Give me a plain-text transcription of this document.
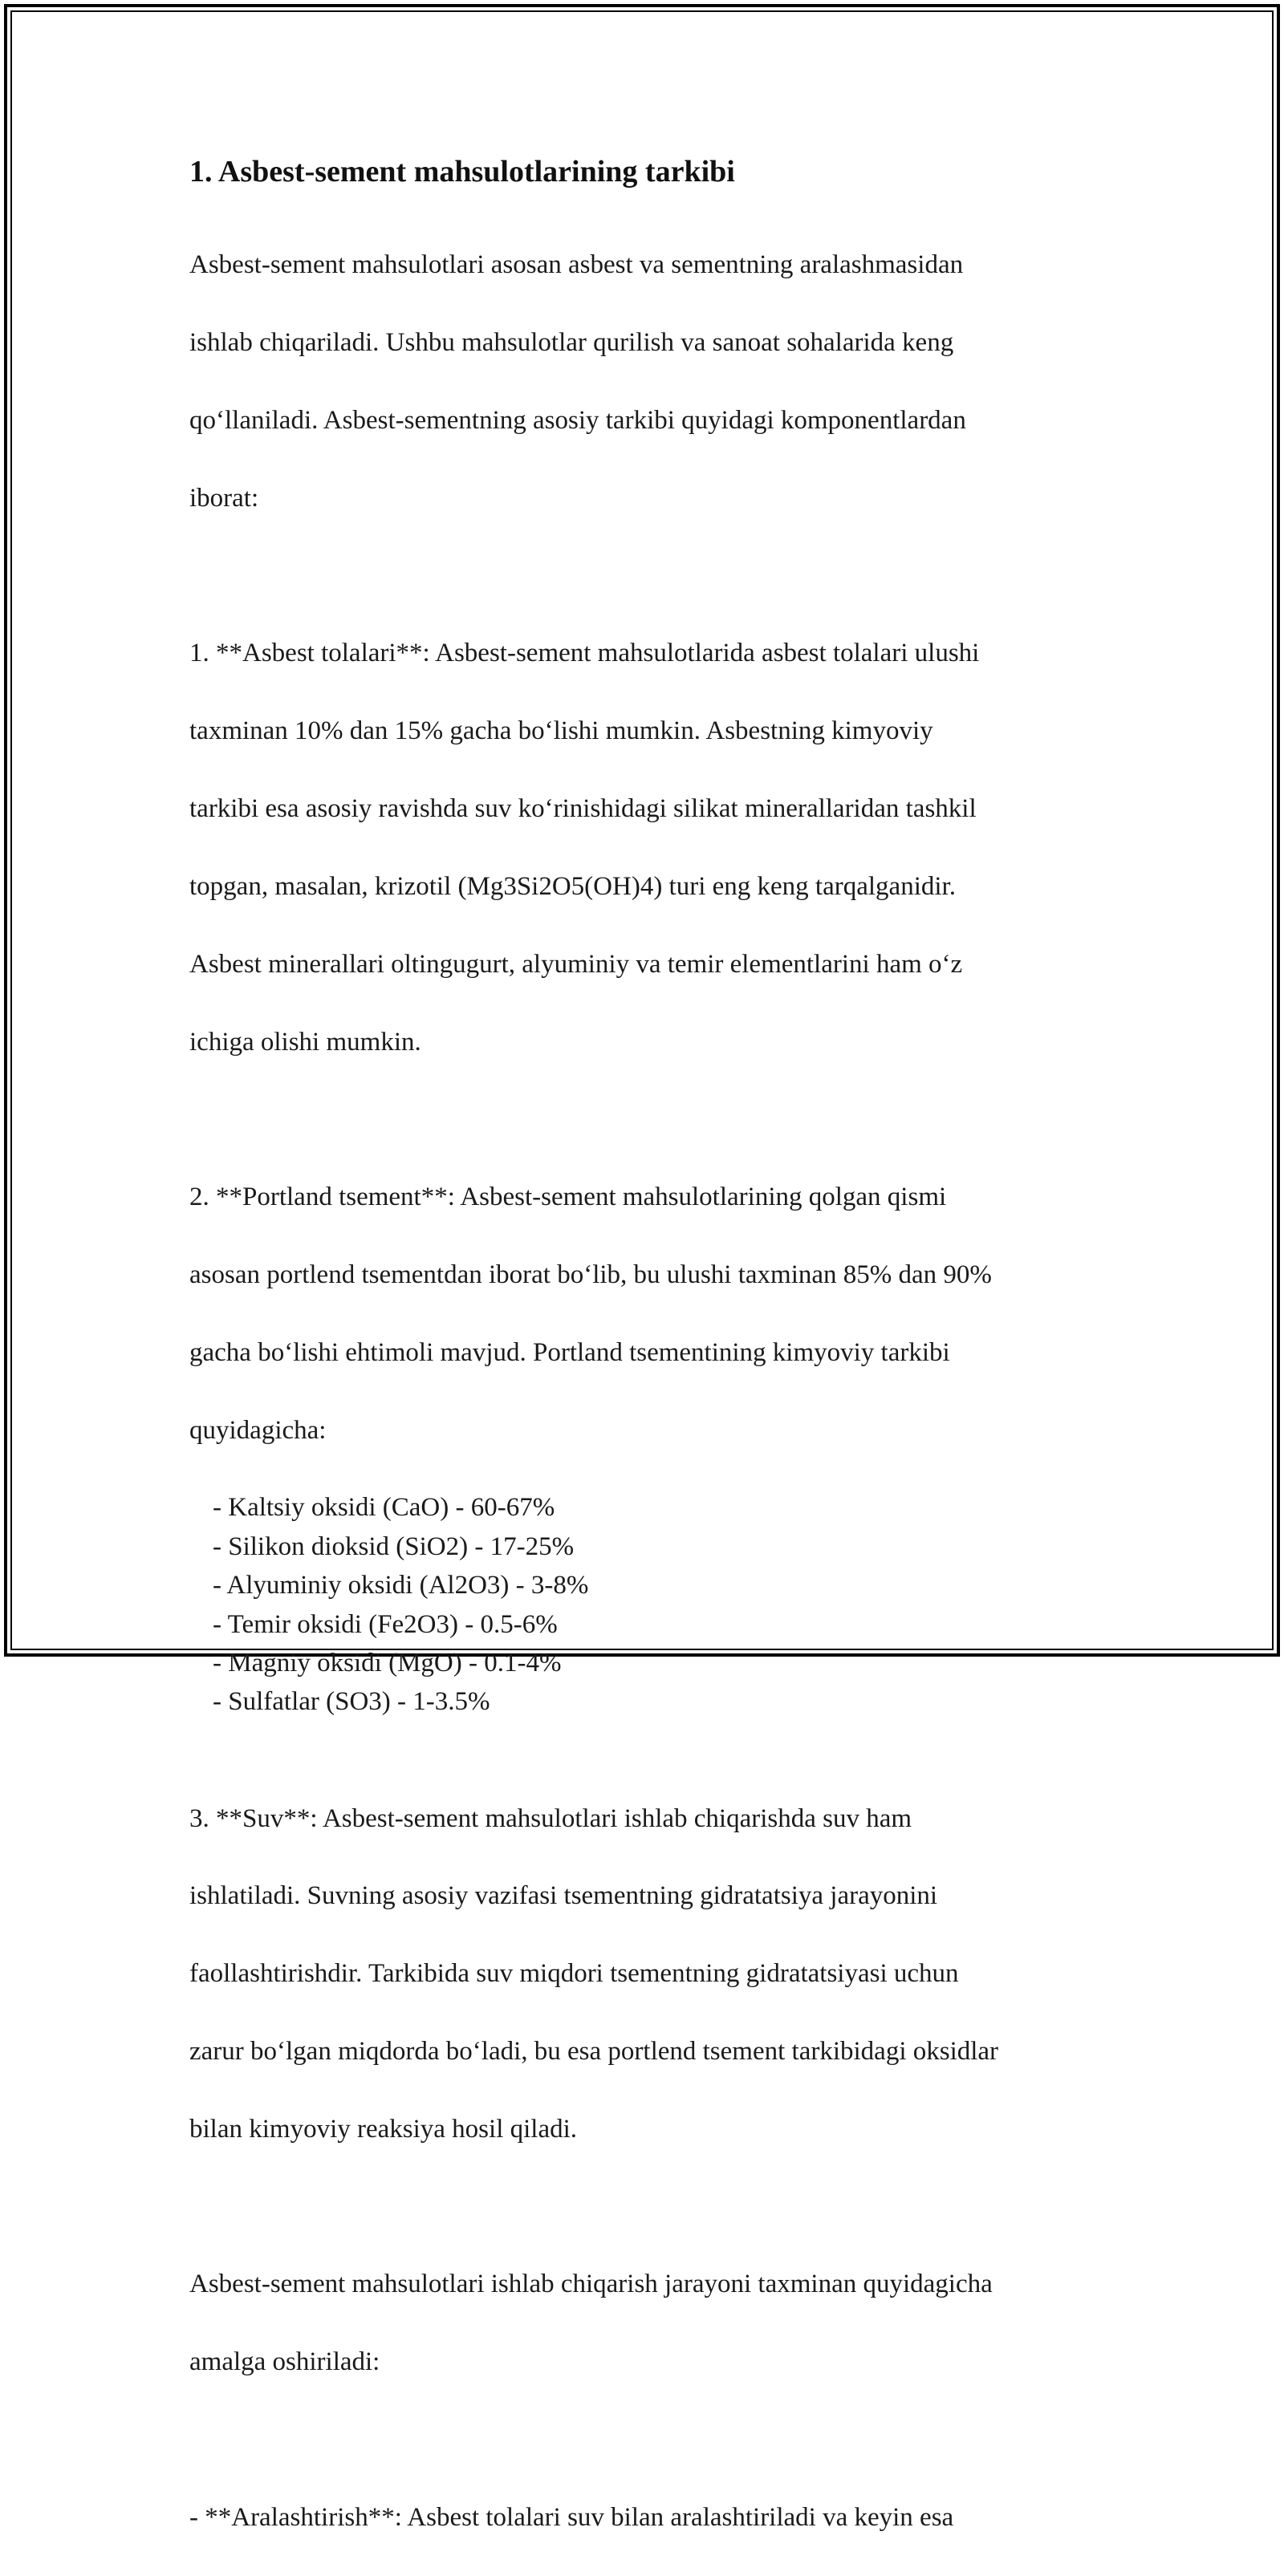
1. Asbest-sement mahsulotlarining tarkibi

Asbest-sement mahsulotlari asosan asbest va sementning aralashmasidan

ishlab chiqariladi. Ushbu mahsulotlar qurilish va sanoat sohalarida keng

qo‘llaniladi. Asbest-sementning asosiy tarkibi quyidagi komponentlardan

iborat:

1. **Asbest tolalari**: Asbest-sement mahsulotlarida asbest tolalari ulushi

taxminan 10% dan 15% gacha bo‘lishi mumkin. Asbestning kimyoviy

tarkibi esa asosiy ravishda suv ko‘rinishidagi silikat minerallaridan tashkil

topgan, masalan, krizotil (Mg3Si2O5(OH)4) turi eng keng tarqalganidir.

Asbest minerallari oltingugurt, alyuminiy va temir elementlarini ham o‘z

ichiga olishi mumkin.

2. **Portland tsement**: Asbest-sement mahsulotlarining qolgan qismi

asosan portlend tsementdan iborat bo‘lib, bu ulushi taxminan 85% dan 90%

gacha bo‘lishi ehtimoli mavjud. Portland tsementining kimyoviy tarkibi

quyidagicha:

- Kaltsiy oksidi (CaO) - 60-67%
- Silikon dioksid (SiO2) - 17-25%
- Alyuminiy oksidi (Al2O3) - 3-8%
- Temir oksidi (Fe2O3) - 0.5-6%
- Magniy oksidi (MgO) - 0.1-4%
- Sulfatlar (SO3) - 1-3.5%

3. **Suv**: Asbest-sement mahsulotlari ishlab chiqarishda suv ham

ishlatiladi. Suvning asosiy vazifasi tsementning gidratatsiya jarayonini

faollashtirishdir. Tarkibida suv miqdori tsementning gidratatsiyasi uchun

zarur bo‘lgan miqdorda bo‘ladi, bu esa portlend tsement tarkibidagi oksidlar

bilan kimyoviy reaksiya hosil qiladi.

Asbest-sement mahsulotlari ishlab chiqarish jarayoni taxminan quyidagicha

amalga oshiriladi:

- **Aralashtirish**: Asbest tolalari suv bilan aralashtiriladi va keyin esa
